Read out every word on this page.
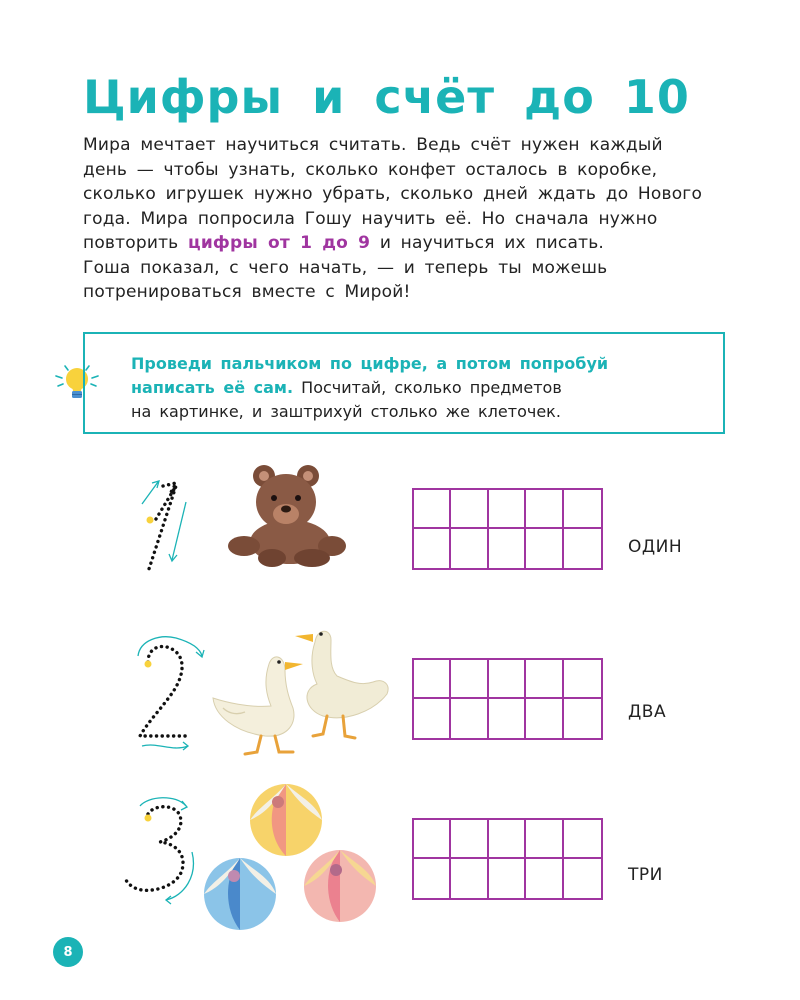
Цифры и счёт до 10
Мира мечтает научиться считать. Ведь счёт нужен каждый
день — чтобы узнать, сколько конфет осталось в коробке,
сколько игрушек нужно убрать, сколько дней ждать до Нового
года. Мира попросила Гошу научить её. Но сначала нужно
повторить цифры от 1 до 9 и научиться их писать.
Гоша показал, с чего начать, — и теперь ты можешь
потренироваться вместе с Мирой!
Проведи пальчиком по цифре, а потом попробуй
написать её сам. Посчитай, сколько предметов
на картинке, и заштрихуй столько же клеточек.
ОДИН
ДВА
ТРИ
8
